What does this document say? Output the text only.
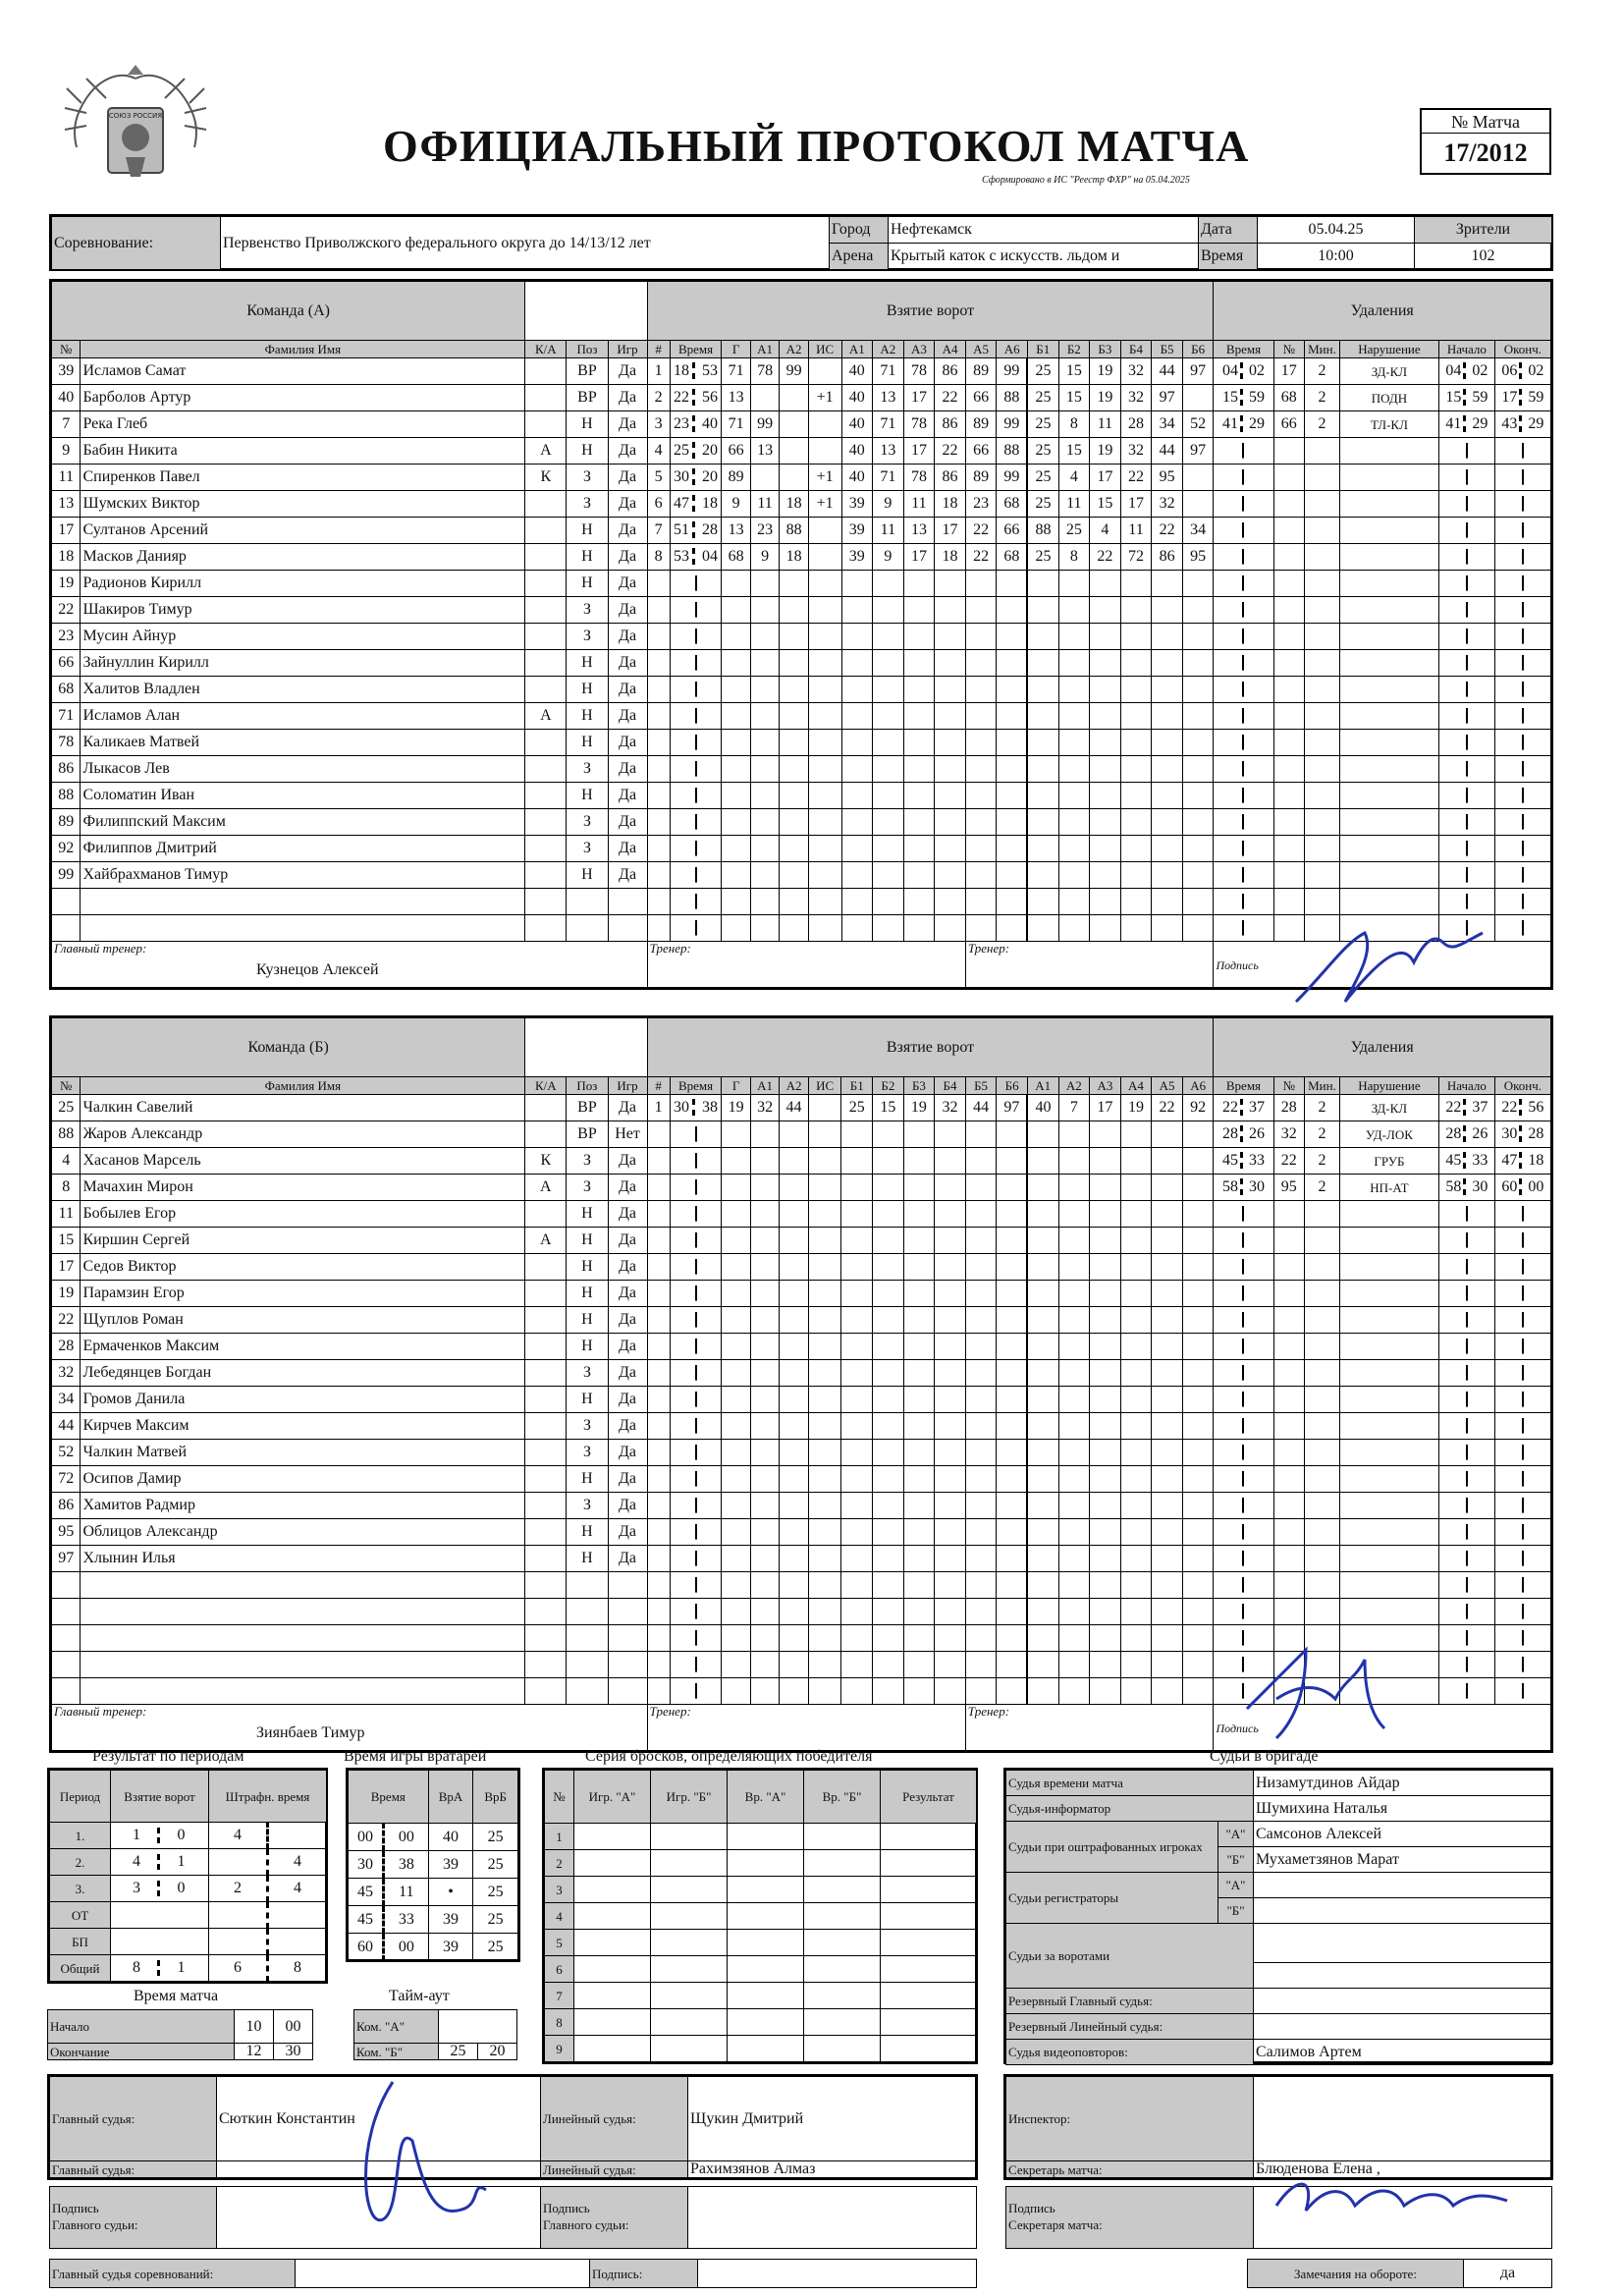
СОЮЗ РОССИЯ
ОФИЦИАЛЬНЫЙ ПРОТОКОЛ МАТЧА
Сформировано в ИС "Реестр ФХР" на 05.04.2025
№ Матча
17/2012
Соревнование:	Первенство Приволжского федерального округа до 14/13/12 лет	Город	Нефтекамск	Дата	05.04.25	Зрители
		Арена	Крытый каток с искусств. льдом и	Время	10:00	102
Команда (А)					Взятие ворот																		Удаления					
№	Фамилия Имя	К/А	Поз	Игр	#	Время	Г	А1	А2	ИС	А1	А2	А3	А4	А5	А6	Б1	Б2	Б3	Б4	Б5	Б6	Время	№	Мин.	Нарушение	Начало	Оконч.
39	Исламов Самат		ВР	Да	1	18 53	71	78	99		40	71	78	86	89	99	25	15	19	32	44	97	04 02	17	2	ЗД-КЛ	04 02	06 02
40	Барболов Артур		ВР	Да	2	22 56	13			+1	40	13	17	22	66	88	25	15	19	32	97		15 59	68	2	ПОДН	15 59	17 59
7	Река Глеб		Н	Да	3	23 40	71	99			40	71	78	86	89	99	25	8	11	28	34	52	41 29	66	2	ТЛ-КЛ	41 29	43 29
9	Бабин Никита	А	Н	Да	4	25 20	66	13			40	13	17	22	66	88	25	15	19	32	44	97						
11	Спиренков Павел	К	З	Да	5	30 20	89			+1	40	71	78	86	89	99	25	4	17	22	95							
13	Шумских Виктор		З	Да	6	47 18	9	11	18	+1	39	9	11	18	23	68	25	11	15	17	32							
17	Султанов Арсений		Н	Да	7	51 28	13	23	88		39	11	13	17	22	66	88	25	4	11	22	34						
18	Масков Данияр		Н	Да	8	53 04	68	9	18		39	9	17	18	22	68	25	8	22	72	86	95						
19	Радионов Кирилл		Н	Да																								
22	Шакиров Тимур		З	Да																								
23	Мусин Айнур		З	Да																								
66	Зайнуллин Кирилл		Н	Да																								
68	Халитов Владлен		Н	Да																								
71	Исламов Алан	А	Н	Да																								
78	Каликаев Матвей		Н	Да																								
86	Лыкасов Лев		З	Да																								
88	Соломатин Иван		Н	Да																								
89	Филиппский Максим		З	Да																								
92	Филиппов Дмитрий		З	Да																								
99	Хайбрахманов Тимур		Н	Да																								

Главный тренер:
Кузнецов Алексей					Тренер:										Тренер:								Подпись					
Команда (Б)					Взятие ворот																		Удаления					
№	Фамилия Имя	К/А	Поз	Игр	#	Время	Г	А1	А2	ИС	Б1	Б2	Б3	Б4	Б5	Б6	А1	А2	А3	А4	А5	А6	Время	№	Мин.	Нарушение	Начало	Оконч.
25	Чалкин Савелий		ВР	Да	1	30 38	19	32	44		25	15	19	32	44	97	40	7	17	19	22	92	22 37	28	2	ЗД-КЛ	22 37	22 56
88	Жаров Александр		ВР	Нет																			28 26	32	2	УД-ЛОК	28 26	30 28
4	Хасанов Марсель	К	З	Да																			45 33	22	2	ГРУБ	45 33	47 18
8	Мачахин Мирон	А	З	Да																			58 30	95	2	НП-АТ	58 30	60 00
11	Бобылев Егор		Н	Да																								
15	Киршин Сергей	А	Н	Да																								
17	Седов Виктор		Н	Да																								
19	Парамзин Егор		Н	Да																								
22	Щуплов Роман		Н	Да																								
28	Ермаченков Максим		Н	Да																								
32	Лебедянцев Богдан		З	Да																								
34	Громов Данила		Н	Да																								
44	Кирчев Максим		З	Да																								
52	Чалкин Матвей		З	Да																								
72	Осипов Дамир		Н	Да																								
86	Хамитов Радмир		З	Да																								
95	Облицов Александр		Н	Да																								
97	Хлынин Илья		Н	Да																								

Главный тренер:
Зиянбаев Тимур					Тренер:										Тренер:								Подпись					
Результат по периодам
Период	Взятие ворот	Штрафн. время	
1.	1 0	4	
2.	4 1		4
3.	3 0	2	4
ОТ			
БП			
Общий	8 1	6	8
Время игры вратарей
Время		ВрА	ВрБ
00	00	40	25
30	38	39	25
45	11	•	25
45	33	39	25
60	00	39	25
Время матча
Начало	10	00
Окончание	12	30
Тайм-аут
Ком. "А"		
Ком. "Б"	25	20
Серия бросков, определяющих победителя
№	Игр. "А"	Игр. "Б"	Вр. "А"	Вр. "Б"	Результат
1					
2					
3					
4					
5					
6					
7					
8					
9					
Судьи в бригаде
Судья времени матча		Низамутдинов Айдар
Судья-информатор		Шумихина Наталья
Судьи при оштрафованных игроках	"А"	Самсонов Алексей
	"Б"	Мухаметзянов Марат
Судьи регистраторы	"А"	
	"Б"	
Судьи за воротами		

Резервный Главный судья:		
Резервный Линейный судья:		
Судья видеоповторов:		Салимов Артем
Главный судья:	Сюткин Константин	Линейный судья:	Щукин Дмитрий
Главный судья:		Линейный судья:	Рахимзянов Алмаз
Подпись
Главного судьи:		Подпись
Главного судьи:	
Инспектор:	
Секретарь матча:	Блюденова Елена ,
Подпись
Секретаря матча:	
Главный судья соревнований:		Подпись:		Замечания на обороте:	да
